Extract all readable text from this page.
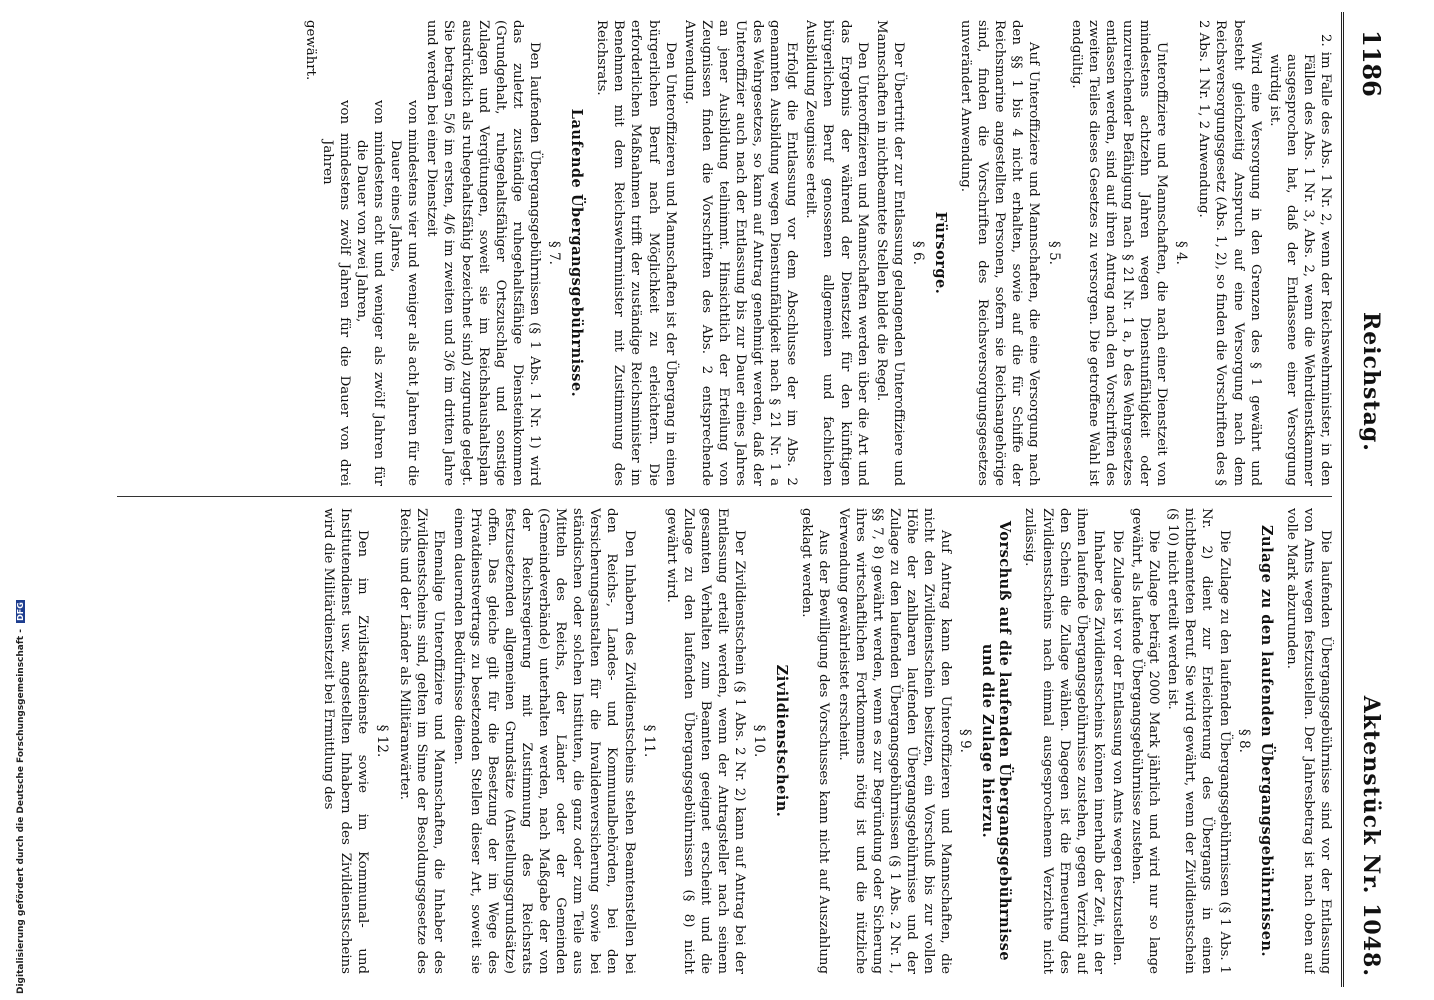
1186
Reichstag.
Aktenstück Nr. 1048.

2. im Falle des Abs. 1 Nr. 2, wenn der Reichswehrminister, in den Fällen des Abs. 1 Nr. 3, Abs. 2, wenn die Wehrdienstkammer ausgesprochen hat, daß der Entlassene einer Versorgung würdig ist.

Wird eine Versorgung in den Grenzen des § 1 gewährt und besteht gleichzeitig Anspruch auf eine Versorgung nach dem Reichsversorgungsgesetz (Abs. 1, 2), so finden die Vorschriften des § 2 Abs. 1 Nr. 1, 2 Anwendung.

§ 4.

Unteroffiziere und Mannschaften, die nach einer Dienstzeit von mindestens achtzehn Jahren wegen Dienstunfähigkeit oder unzureichender Befähigung nach § 21 Nr. 1 a, b des Wehrgesetzes entlassen werden, sind auf ihren Antrag nach den Vorschriften des zweiten Teiles dieses Gesetzes zu versorgen. Die getroffene Wahl ist endgültig.

§ 5.

Auf Unteroffiziere und Mannschaften, die eine Versorgung nach den §§ 1 bis 4 nicht erhalten, sowie auf die für Schiffe der Reichsmarine angestellten Personen, sofern sie Reichsangehörige sind, finden die Vorschriften des Reichsversorgungsgesetzes unverändert Anwendung.

Fürsorge.
§ 6.

Der Übertritt der zur Entlassung gelangenden Unteroffiziere und Mannschaften in nichtbeamtete Stellen bildet die Regel.

Den Unteroffizieren und Mannschaften werden über die Art und das Ergebnis der während der Dienstzeit für den künftigen bürgerlichen Beruf genossenen allgemeinen und fachlichen Ausbildung Zeugnisse erteilt.

Erfolgt die Entlassung vor dem Abschlusse der im Abs. 2 genannten Ausbildung wegen Dienstunfähigkeit nach § 21 Nr. 1 a des Wehrgesetzes, so kann auf Antrag genehmigt werden, daß der Unteroffizier auch nach der Entlassung bis zur Dauer eines Jahres an jener Ausbildung teilnimmt. Hinsichtlich der Erteilung von Zeugnissen finden die Vorschriften des Abs. 2 entsprechende Anwendung.

Den Unteroffizieren und Mannschaften ist der Übergang in einen bürgerlichen Beruf nach Möglichkeit zu erleichtern. Die erforderlichen Maßnahmen trifft der zuständige Reichsminister im Benehmen mit dem Reichswehrminister mit Zustimmung des Reichsrats.

Laufende Übergangsgebührnisse.
§ 7.

Den laufenden Übergangsgebührnissen (§ 1 Abs. 1 Nr. 1) wird das zuletzt zuständige ruhegehaltsfähige Diensteinkommen (Grundgehalt, ruhegehaltsfähiger Ortszuschlag und sonstige Zulagen und Vergütungen, soweit sie im Reichshaushaltsplan ausdrücklich als ruhegehaltsfähig bezeichnet sind) zugrunde gelegt. Sie betragen 5/6 im ersten, 4/6 im zweiten und 3/6 im dritten Jahre und werden bei einer Dienstzeit

von mindestens vier und weniger als acht Jahren für die Dauer eines Jahres,

von mindestens acht und weniger als zwölf Jahren für die Dauer von zwei Jahren,

von mindestens zwölf Jahren für die Dauer von drei Jahren

gewährt.

Die laufenden Übergangsgebührnisse sind vor der Entlassung von Amts wegen festzustellen. Der Jahresbetrag ist nach oben auf volle Mark abzurunden.

Zulage zu den laufenden Übergangsgebührnissen.
§ 8.

Die Zulage zu den laufenden Übergangsgebührnissen (§ 1 Abs. 1 Nr. 2) dient zur Erleichterung des Übergangs in einen nichtbeamteten Beruf. Sie wird gewährt, wenn der Zivildienstschein (§ 10) nicht erteilt werden ist.

Die Zulage beträgt 2000 Mark jährlich und wird nur so lange gewährt, als laufende Übergangsgebührnisse zustehen.

Die Zulage ist vor der Entlassung von Amts wegen festzustellen.

Inhaber des Zivildienstscheins können innerhalb der Zeit, in der ihnen laufende Übergangsgebührnisse zustehen, gegen Verzicht auf den Schein die Zulage wählen. Dagegen ist die Erneuerung des Zivildienstscheins nach einmal ausgesprochenem Verzichte nicht zulässig.

Vorschuß auf die laufenden Übergangsgebührnisse und die Zulage hierzu.
§ 9.

Auf Antrag kann den Unteroffizieren und Mannschaften, die nicht den Zivildienstschein besitzen, ein Vorschuß bis zur vollen Höhe der zahlbaren laufenden Übergangsgebührnisse und der Zulage zu den laufenden Übergangsgebührnissen (§ 1 Abs. 2 Nr. 1, §§ 7, 8) gewährt werden, wenn es zur Begründung oder Sicherung ihres wirtschaftlichen Fortkommens nötig ist und die nützliche Verwendung gewährleistet erscheint.

Aus der Bewilligung des Vorschusses kann nicht auf Auszahlung geklagt werden.

Zivildienstschein.
§ 10.

Der Zivildienstschein (§ 1 Abs. 2 Nr. 2) kann auf Antrag bei der Entlassung erteilt werden, wenn der Antragsteller nach seinem gesamten Verhalten zum Beamten geeignet erscheint und die Zulage zu den laufenden Übergangsgebührnissen (§ 8) nicht gewährt wird.

§ 11.

Den Inhabern des Zivildienstscheins stehen Beamtenstellen bei den Reichs-, Landes- und Kommunalbehörden, bei den Versicherungsanstalten für die Invalidenversicherung sowie bei ständischen oder solchen Instituten, die ganz oder zum Teile aus Mitteln des Reichs, der Länder oder der Gemeinden (Gemeindeverbände) unterhalten werden, nach Maßgabe der von der Reichsregierung mit Zustimmung des Reichsrats festzusetzenden allgemeinen Grundsätze (Anstellungsgrundsätze) offen. Das gleiche gilt für die Besetzung der im Wege des Privatdienstvertrags zu besetzenden Stellen dieser Art, soweit sie einem dauernden Bedürfnisse dienen.

Ehemalige Unteroffiziere und Mannschaften, die Inhaber des Zivildienstscheins sind, gelten im Sinne der Besoldungsgesetze des Reichs und der Länder als Militäranwärter.

§ 12.

Den im Zivilstaatsdienste sowie im Kommunal- und Institutendienst usw. angestellten Inhabern des Zivildienstscheins wird die Militärdienstzeit bei Ermittlung des

Digitalisierung gefördert durch die Deutsche Forschungsgemeinschaft - DFG
